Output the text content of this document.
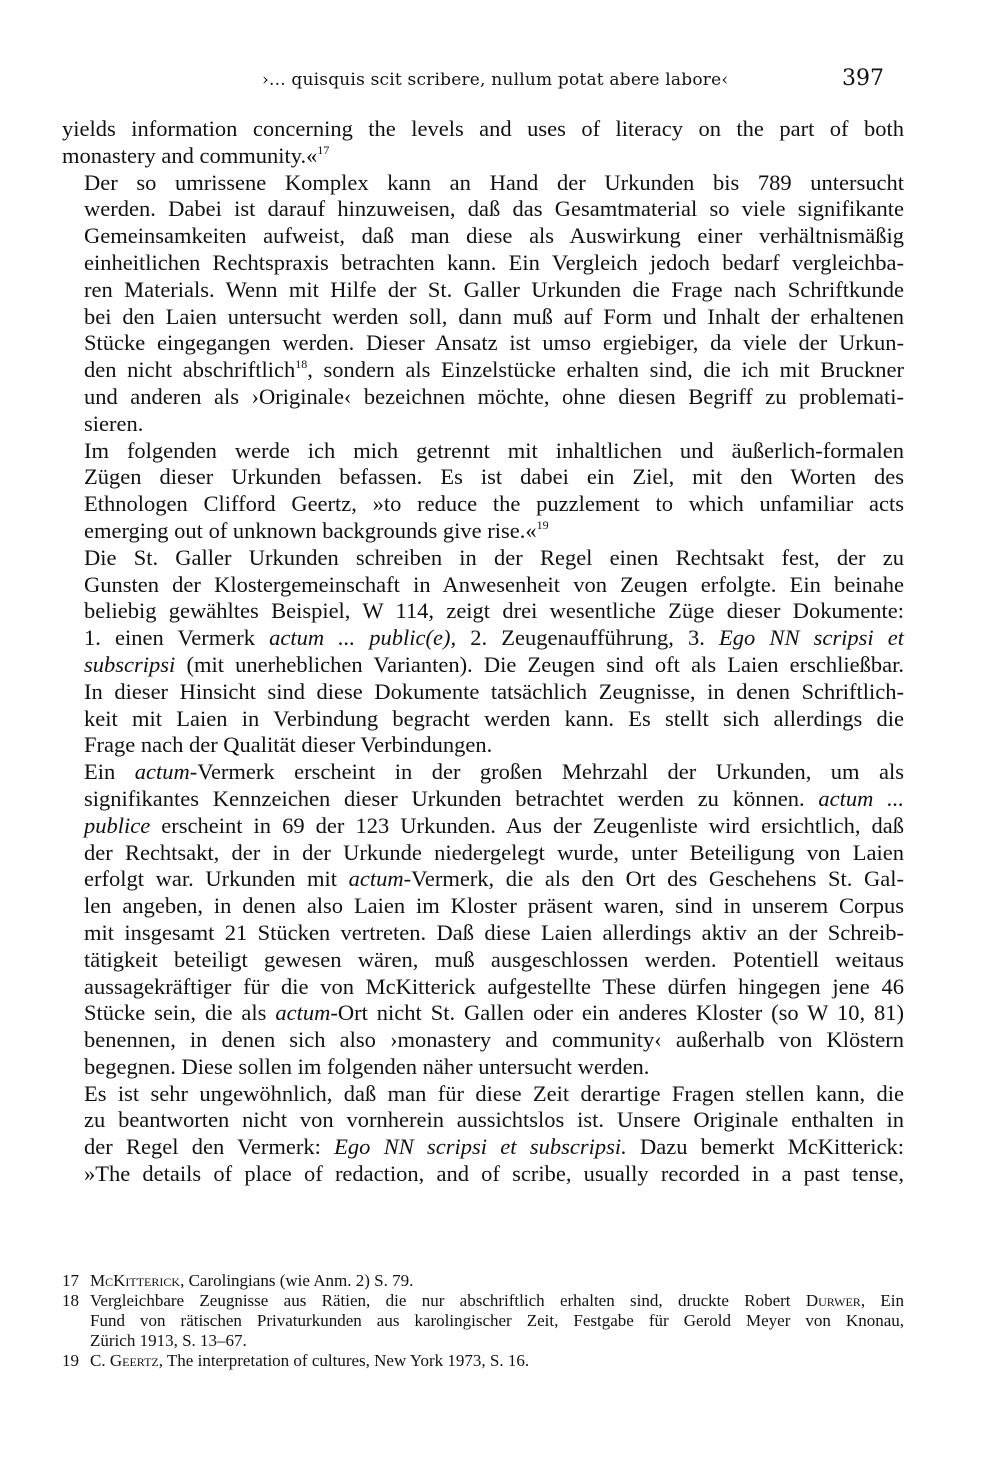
›... quisquis scit scribere, nullum potat abere labore‹	397

yields information concerning the levels and uses of literacy on the part of both
monastery and community.«$^{17}$

Der so umrissene Komplex kann an Hand der Urkunden bis 789 untersucht
werden. Dabei ist darauf hinzuweisen, daß das Gesamtmaterial so viele signifikante
Gemeinsamkeiten aufweist, daß man diese als Auswirkung einer verhältnismäßig
einheitlichen Rechtspraxis betrachten kann. Ein Vergleich jedoch bedarf vergleichba-
ren Materials. Wenn mit Hilfe der St. Galler Urkunden die Frage nach Schriftkunde
bei den Laien untersucht werden soll, dann muß auf Form und Inhalt der erhaltenen
Stücke eingegangen werden. Dieser Ansatz ist umso ergiebiger, da viele der Urkun-
den nicht abschriftlich$^{18}$, sondern als Einzelstücke erhalten sind, die ich mit Bruckner
und anderen als ›Originale‹ bezeichnen möchte, ohne diesen Begriff zu problemati-
sieren.

Im folgenden werde ich mich getrennt mit inhaltlichen und äußerlich-formalen
Zügen dieser Urkunden befassen. Es ist dabei ein Ziel, mit den Worten des
Ethnologen Clifford Geertz, »to reduce the puzzlement to which unfamiliar acts
emerging out of unknown backgrounds give rise.«$^{19}$

Die St. Galler Urkunden schreiben in der Regel einen Rechtsakt fest, der zu
Gunsten der Klostergemeinschaft in Anwesenheit von Zeugen erfolgte. Ein beinahe
beliebig gewähltes Beispiel, W 114, zeigt drei wesentliche Züge dieser Dokumente:
1. einen Vermerk actum ... public(e), 2. Zeugenaufführung, 3. Ego NN scripsi et
subscripsi (mit unerheblichen Varianten). Die Zeugen sind oft als Laien erschließbar.
In dieser Hinsicht sind diese Dokumente tatsächlich Zeugnisse, in denen Schriftlich-
keit mit Laien in Verbindung begracht werden kann. Es stellt sich allerdings die
Frage nach der Qualität dieser Verbindungen.

Ein actum-Vermerk erscheint in der großen Mehrzahl der Urkunden, um als
signifikantes Kennzeichen dieser Urkunden betrachtet werden zu können. actum ...
publice erscheint in 69 der 123 Urkunden. Aus der Zeugenliste wird ersichtlich, daß
der Rechtsakt, der in der Urkunde niedergelegt wurde, unter Beteiligung von Laien
erfolgt war. Urkunden mit actum-Vermerk, die als den Ort des Geschehens St. Gal-
len angeben, in denen also Laien im Kloster präsent waren, sind in unserem Corpus
mit insgesamt 21 Stücken vertreten. Daß diese Laien allerdings aktiv an der Schreib-
tätigkeit beteiligt gewesen wären, muß ausgeschlossen werden. Potentiell weitaus
aussagekräftiger für die von McKitterick aufgestellte These dürfen hingegen jene 46
Stücke sein, die als actum-Ort nicht St. Gallen oder ein anderes Kloster (so W 10, 81)
benennen, in denen sich also ›monastery and community‹ außerhalb von Klöstern
begegnen. Diese sollen im folgenden näher untersucht werden.

Es ist sehr ungewöhnlich, daß man für diese Zeit derartige Fragen stellen kann, die
zu beantworten nicht von vornherein aussichtslos ist. Unsere Originale enthalten in
der Regel den Vermerk: Ego NN scripsi et subscripsi. Dazu bemerkt McKitterick:
»The details of place of redaction, and of scribe, usually recorded in a past tense,

17 McKitterick, Carolingians (wie Anm. 2) S. 79.
18 Vergleichbare Zeugnisse aus Rätien, die nur abschriftlich erhalten sind, druckte Robert Durwer, Ein
Fund von rätischen Privaturkunden aus karolingischer Zeit, Festgabe für Gerold Meyer von Knonau,
Zürich 1913, S. 13–67.
19 C. Geertz, The interpretation of cultures, New York 1973, S. 16.
